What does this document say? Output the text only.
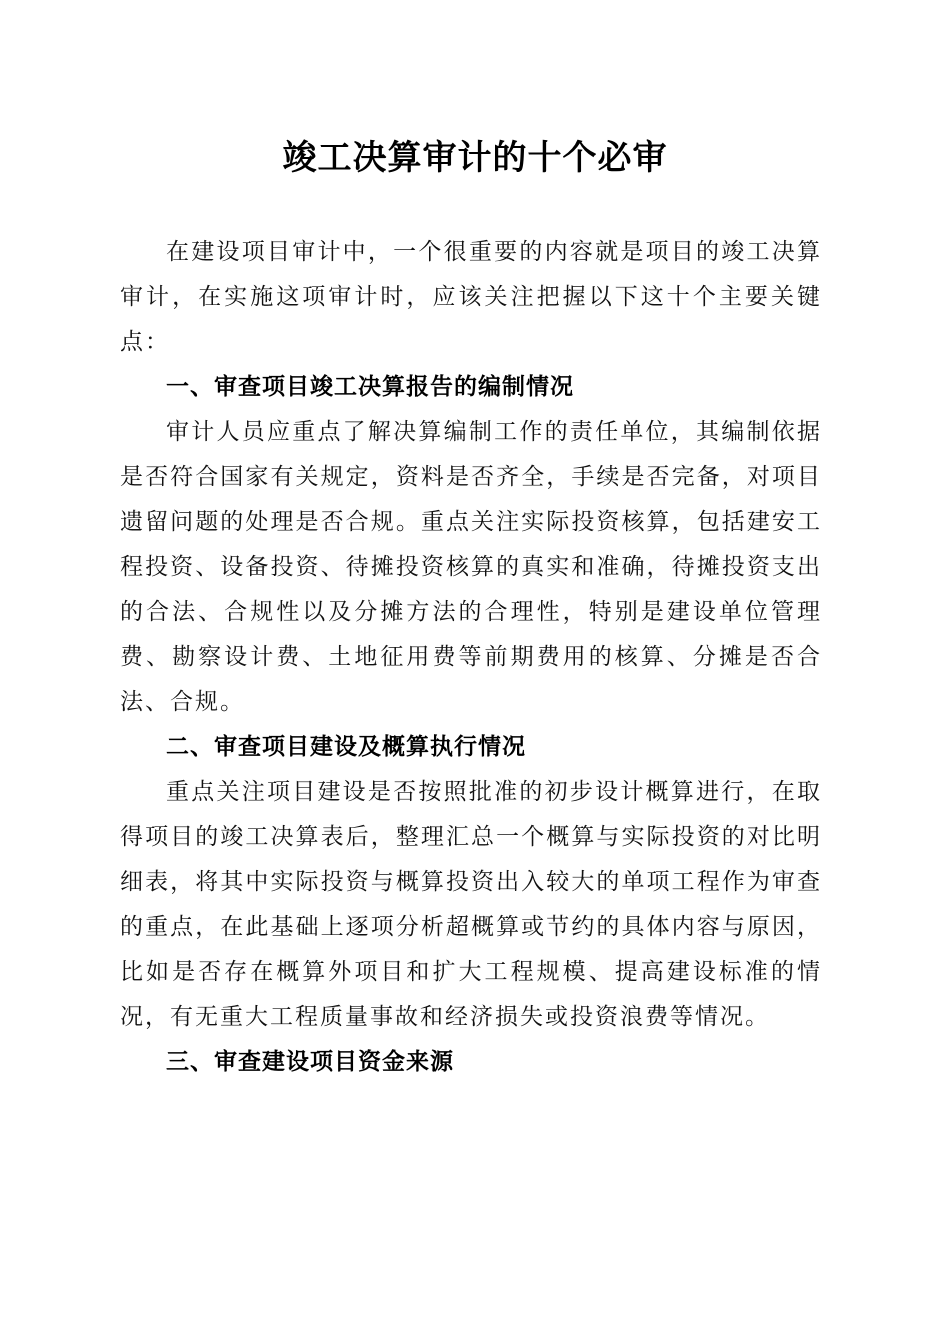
竣工决算审计的十个必审

在建设项目审计中，一个很重要的内容就是项目的竣工决算审计，在实施这项审计时，应该关注把握以下这十个主要关键点：

一、审查项目竣工决算报告的编制情况

审计人员应重点了解决算编制工作的责任单位，其编制依据是否符合国家有关规定，资料是否齐全，手续是否完备，对项目遗留问题的处理是否合规。重点关注实际投资核算，包括建安工程投资、设备投资、待摊投资核算的真实和准确，待摊投资支出的合法、合规性以及分摊方法的合理性，特别是建设单位管理费、勘察设计费、土地征用费等前期费用的核算、分摊是否合法、合规。

二、审查项目建设及概算执行情况

重点关注项目建设是否按照批准的初步设计概算进行，在取得项目的竣工决算表后，整理汇总一个概算与实际投资的对比明细表，将其中实际投资与概算投资出入较大的单项工程作为审查的重点，在此基础上逐项分析超概算或节约的具体内容与原因，比如是否存在概算外项目和扩大工程规模、提高建设标准的情况，有无重大工程质量事故和经济损失或投资浪费等情况。

三、审查建设项目资金来源
